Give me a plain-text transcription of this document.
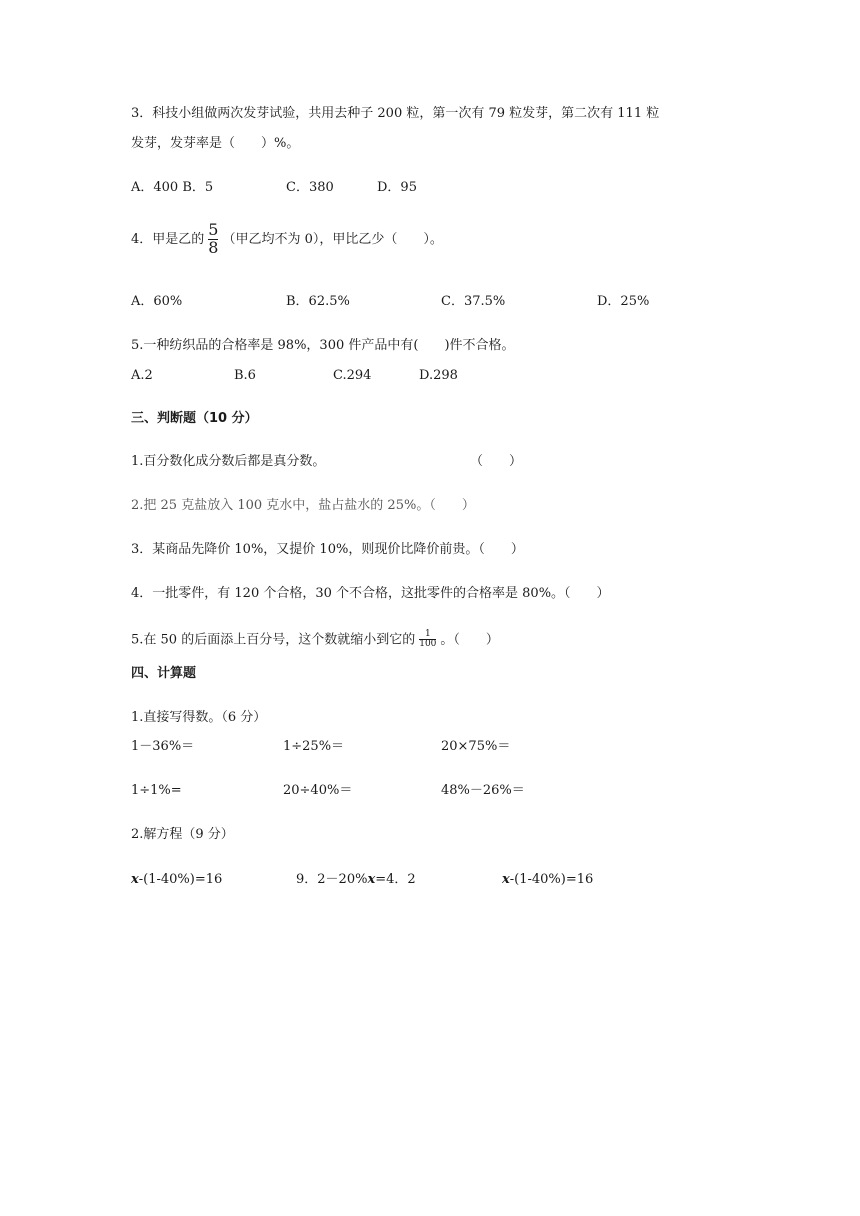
3．科技小组做两次发芽试验，共用去种子 200 粒，第一次有 79 粒发芽，第二次有 111 粒
发芽，发芽率是（　　）%。
A．400 B．5	C．380	D．95
4．甲是乙的 $\frac{5}{8}$ （甲乙均不为 0），甲比乙少（　　）。
A．60%	B．62.5%	C．37.5%	D．25%
5.一种纺织品的合格率是 98%，300 件产品中有(　　)件不合格。
A.2	B.6	C.294	D.298
三、判断题（10 分）
1.百分数化成分数后都是真分数。	（　　）
2.把 25 克盐放入 100 克水中，盐占盐水的 25%。（　　）
3．某商品先降价 10%，又提价 10%，则现价比降价前贵。（　　）
4．一批零件，有 120 个合格，30 个不合格，这批零件的合格率是 80%。（　　）
5.在 50 的后面添上百分号，这个数就缩小到它的 $\frac{1}{100}$ 。（　　）
四、计算题
1.直接写得数。（6 分）
1－36%＝	1÷25%＝	20×75%＝
1÷1%=	20÷40%＝	48%－26%＝
2.解方程（9 分）
x-(1-40%)=16	9．2－20%x=4．2	x-(1-40%)=16
